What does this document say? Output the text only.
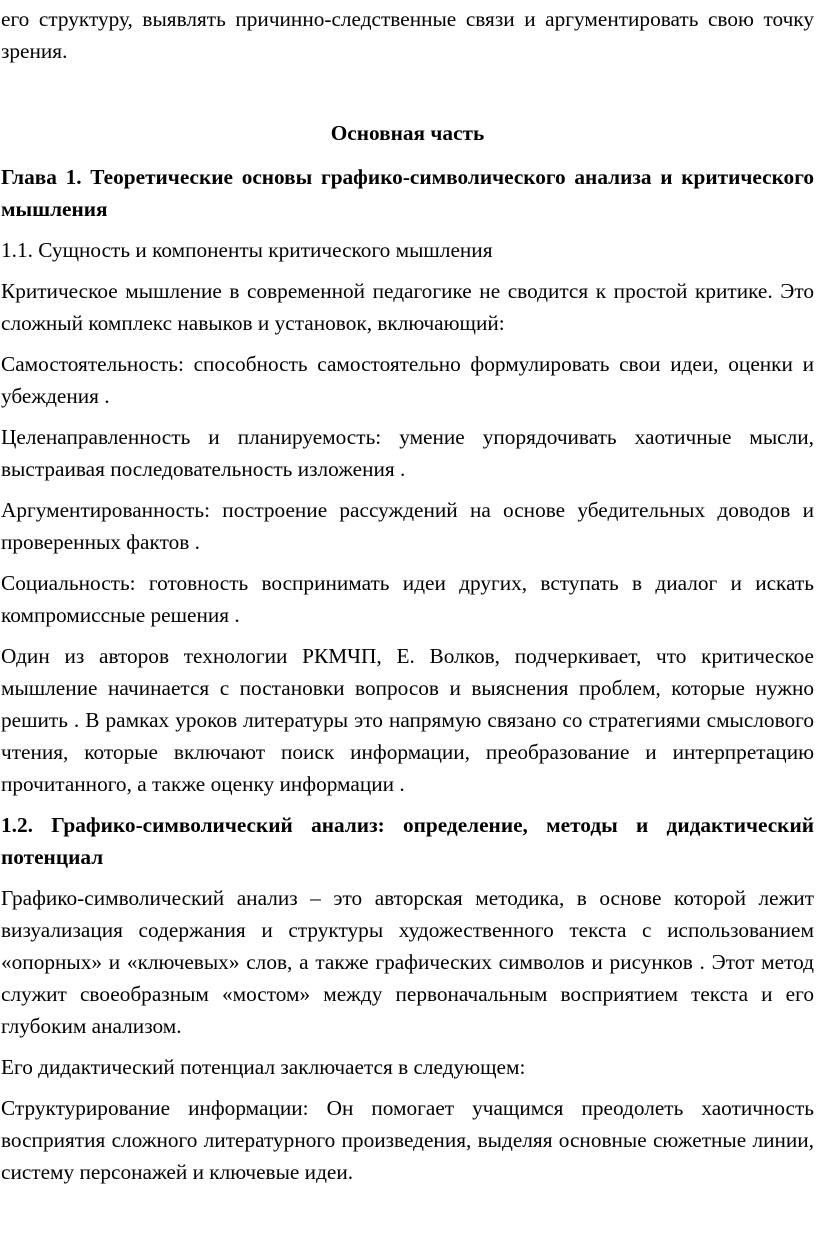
его структуру, выявлять причинно-следственные связи и аргументировать свою точку зрения.

Основная часть

Глава 1. Теоретические основы графико-символического анализа и критического мышления

1.1. Сущность и компоненты критического мышления

Критическое мышление в современной педагогике не сводится к простой критике. Это сложный комплекс навыков и установок, включающий:

Самостоятельность: способность самостоятельно формулировать свои идеи, оценки и убеждения .

Целенаправленность и планируемость: умение упорядочивать хаотичные мысли, выстраивая последовательность изложения .

Аргументированность: построение рассуждений на основе убедительных доводов и проверенных фактов .

Социальность: готовность воспринимать идеи других, вступать в диалог и искать компромиссные решения .

Один из авторов технологии РКМЧП, Е. Волков, подчеркивает, что критическое мышление начинается с постановки вопросов и выяснения проблем, которые нужно решить . В рамках уроков литературы это напрямую связано со стратегиями смыслового чтения, которые включают поиск информации, преобразование и интерпретацию прочитанного, а также оценку информации .

1.2. Графико-символический анализ: определение, методы и дидактический потенциал

Графико-символический анализ – это авторская методика, в основе которой лежит визуализация содержания и структуры художественного текста с использованием «опорных» и «ключевых» слов, а также графических символов и рисунков . Этот метод служит своеобразным «мостом» между первоначальным восприятием текста и его глубоким анализом.

Его дидактический потенциал заключается в следующем:

Структурирование информации: Он помогает учащимся преодолеть хаотичность восприятия сложного литературного произведения, выделяя основные сюжетные линии, систему персонажей и ключевые идеи.
